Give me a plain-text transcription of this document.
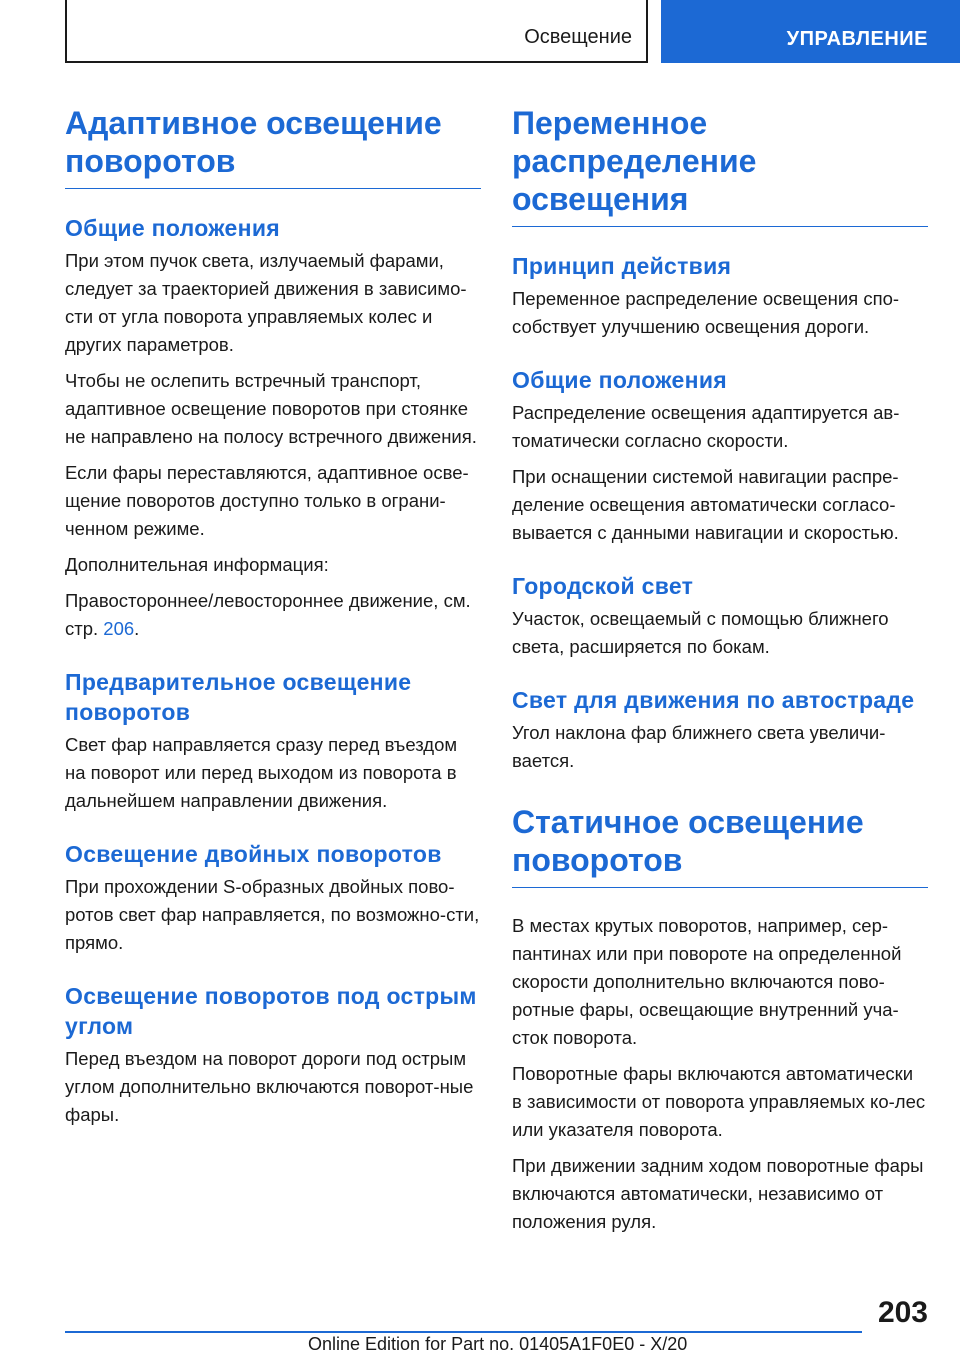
Освещение	УПРАВЛЕНИЕ
Адаптивное освещение поворотов
Общие положения

При этом пучок света, излучаемый фарами, следует за траекторией движения в зависимо-сти от угла поворота управляемых колес и других параметров.

Чтобы не ослепить встречный транспорт, адаптивное освещение поворотов при стоянке не направлено на полосу встречного движения.

Если фары переставляются, адаптивное осве-щение поворотов доступно только в ограни-ченном режиме.

Дополнительная информация:

Правостороннее/левостороннее движение, см. стр. 206.

Предварительное освещение поворотов

Свет фар направляется сразу перед въездом на поворот или перед выходом из поворота в дальнейшем направлении движения.

Освещение двойных поворотов

При прохождении S-образных двойных пово-ротов свет фар направляется, по возможно-сти, прямо.

Освещение поворотов под острым углом

Перед въездом на поворот дороги под острым углом дополнительно включаются поворот-ные фары.

Переменное распределение освещения
Принцип действия

Переменное распределение освещения спо-собствует улучшению освещения дороги.

Общие положения

Распределение освещения адаптируется ав-томатически согласно скорости.

При оснащении системой навигации распре-деление освещения автоматически согласо-вывается с данными навигации и скоростью.

Городской свет

Участок, освещаемый с помощью ближнего света, расширяется по бокам.

Свет для движения по автостраде

Угол наклона фар ближнего света увеличи-вается.

Статичное освещение поворотов

В местах крутых поворотов, например, сер-пантинах или при повороте на определенной скорости дополнительно включаются пово-ротные фары, освещающие внутренний уча-сток поворота.

Поворотные фары включаются автоматически в зависимости от поворота управляемых ко-лес или указателя поворота.

При движении задним ходом поворотные фары включаются автоматически, независимо от положения руля.

203
Online Edition for Part no. 01405A1F0E0 - X/20
